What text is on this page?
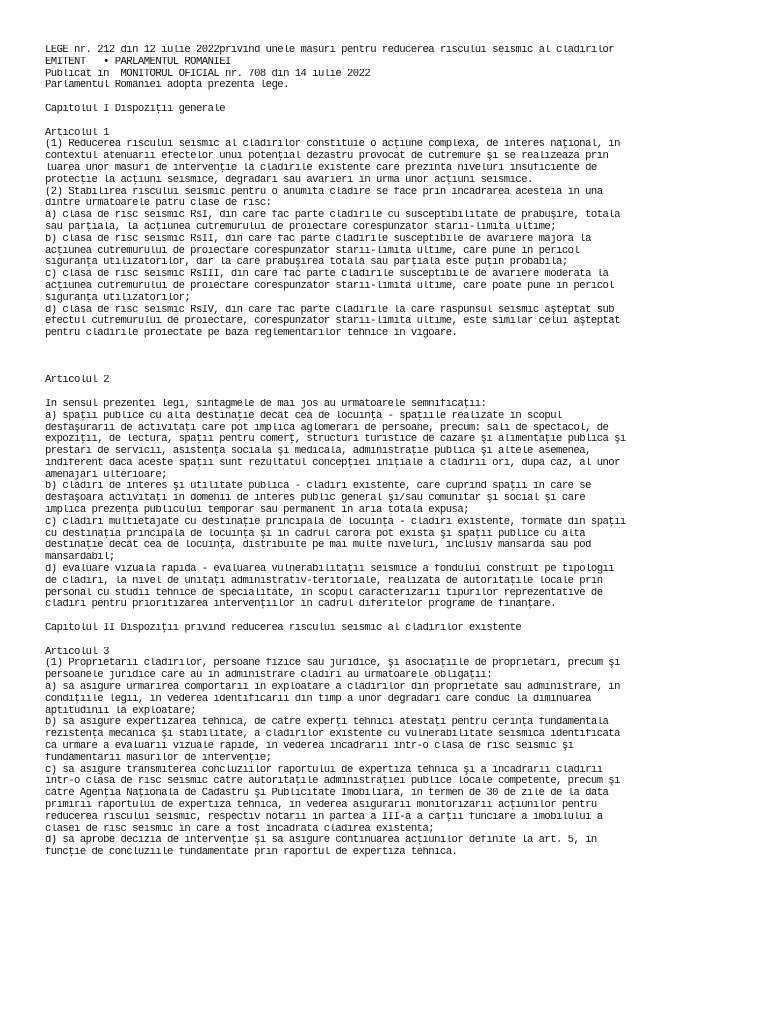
LEGE nr. 212 din 12 iulie 2022privind unele măsuri pentru reducerea riscului seismic al clădirilor
EMITENT   • PARLAMENTUL ROMÂNIEI
Publicat în  MONITORUL OFICIAL nr. 708 din 14 iulie 2022
Parlamentul României adoptă prezenta lege.
Capitolul I Dispoziţii generale
Articolul 1
(1) Reducerea riscului seismic al clădirilor constituie o acţiune complexă, de interes naţional, în
contextul atenuării efectelor unui potenţial dezastru provocat de cutremure şi se realizează prin
luarea unor măsuri de intervenţie la clădirile existente care prezintă niveluri insuficiente de
protecţie la acţiuni seismice, degradări sau avarieri în urma unor acţiuni seismice.
(2) Stabilirea riscului seismic pentru o anumită clădire se face prin încadrarea acesteia în una
dintre următoarele patru clase de risc:
a) clasa de risc seismic RsI, din care fac parte clădirile cu susceptibilitate de prăbuşire, totală
sau parţială, la acţiunea cutremurului de proiectare corespunzător stării-limită ultime;
b) clasa de risc seismic RsII, din care fac parte clădirile susceptibile de avariere majoră la
acţiunea cutremurului de proiectare corespunzător stării-limită ultime, care pune în pericol
siguranţa utilizatorilor, dar la care prăbuşirea totală sau parţială este puţin probabilă;
c) clasa de risc seismic RsIII, din care fac parte clădirile susceptibile de avariere moderată la
acţiunea cutremurului de proiectare corespunzător stării-limită ultime, care poate pune în pericol
siguranţa utilizatorilor;
d) clasa de risc seismic RsIV, din care fac parte clădirile la care răspunsul seismic aşteptat sub
efectul cutremurului de proiectare, corespunzător stării-limită ultime, este similar celui aşteptat
pentru clădirile proiectate pe baza reglementărilor tehnice în vigoare.
Articolul 2
În sensul prezentei legi, sintagmele de mai jos au următoarele semnificaţii:
a) spaţii publice cu altă destinaţie decât cea de locuinţă - spaţiile realizate în scopul
desfăşurării de activităţi care pot implica aglomerări de persoane, precum: săli de spectacol, de
expoziţii, de lectură, spaţii pentru comerţ, structuri turistice de cazare şi alimentaţie publică şi
prestări de servicii, asistenţă socială şi medicală, administraţie publică şi altele asemenea,
indiferent dacă aceste spaţii sunt rezultatul concepţiei iniţiale a clădirii ori, după caz, al unor
amenajări ulterioare;
b) clădiri de interes şi utilitate publică - clădiri existente, care cuprind spaţii în care se
desfăşoară activităţi în domenii de interes public general şi/sau comunitar şi social şi care
implică prezenţa publicului temporar sau permanent în aria totală expusă;
c) clădiri multietajate cu destinaţie principală de locuinţă - clădiri existente, formate din spaţii
cu destinaţia principală de locuinţă şi în cadrul cărora pot exista şi spaţii publice cu altă
destinaţie decât cea de locuinţă, distribuite pe mai multe niveluri, inclusiv mansardă sau pod
mansardabil;
d) evaluare vizuală rapidă - evaluarea vulnerabilităţii seismice a fondului construit pe tipologii
de clădiri, la nivel de unităţi administrativ-teritoriale, realizată de autorităţile locale prin
personal cu studii tehnice de specialitate, în scopul caracterizării tipurilor reprezentative de
clădiri pentru prioritizarea intervenţiilor în cadrul diferitelor programe de finanţare.
Capitolul II Dispoziţii privind reducerea riscului seismic al clădirilor existente
Articolul 3
(1) Proprietarii clădirilor, persoane fizice sau juridice, şi asociaţiile de proprietari, precum şi
persoanele juridice care au în administrare clădiri au următoarele obligaţii:
a) să asigure urmărirea comportării în exploatare a clădirilor din proprietate sau administrare, în
condiţiile legii, în vederea identificării din timp a unor degradări care conduc la diminuarea
aptitudinii la exploatare;
b) să asigure expertizarea tehnică, de către experţi tehnici atestaţi pentru cerinţa fundamentală
rezistenţă mecanică şi stabilitate, a clădirilor existente cu vulnerabilitate seismică identificată
ca urmare a evaluării vizuale rapide, în vederea încadrării într-o clasă de risc seismic şi
fundamentării măsurilor de intervenţie;
c) să asigure transmiterea concluziilor raportului de expertiză tehnică şi a încadrării clădirii
într-o clasă de risc seismic către autorităţile administraţiei publice locale competente, precum şi
către Agenţia Naţională de Cadastru şi Publicitate Imobiliară, în termen de 30 de zile de la data
primirii raportului de expertiză tehnică, în vederea asigurării monitorizării acţiunilor pentru
reducerea riscului seismic, respectiv notării în partea a III-a a cărţii funciare a imobilului a
clasei de risc seismic în care a fost încadrată clădirea existentă;
d) să aprobe decizia de intervenţie şi să asigure continuarea acţiunilor definite la art. 5, în
funcţie de concluziile fundamentate prin raportul de expertiză tehnică.
